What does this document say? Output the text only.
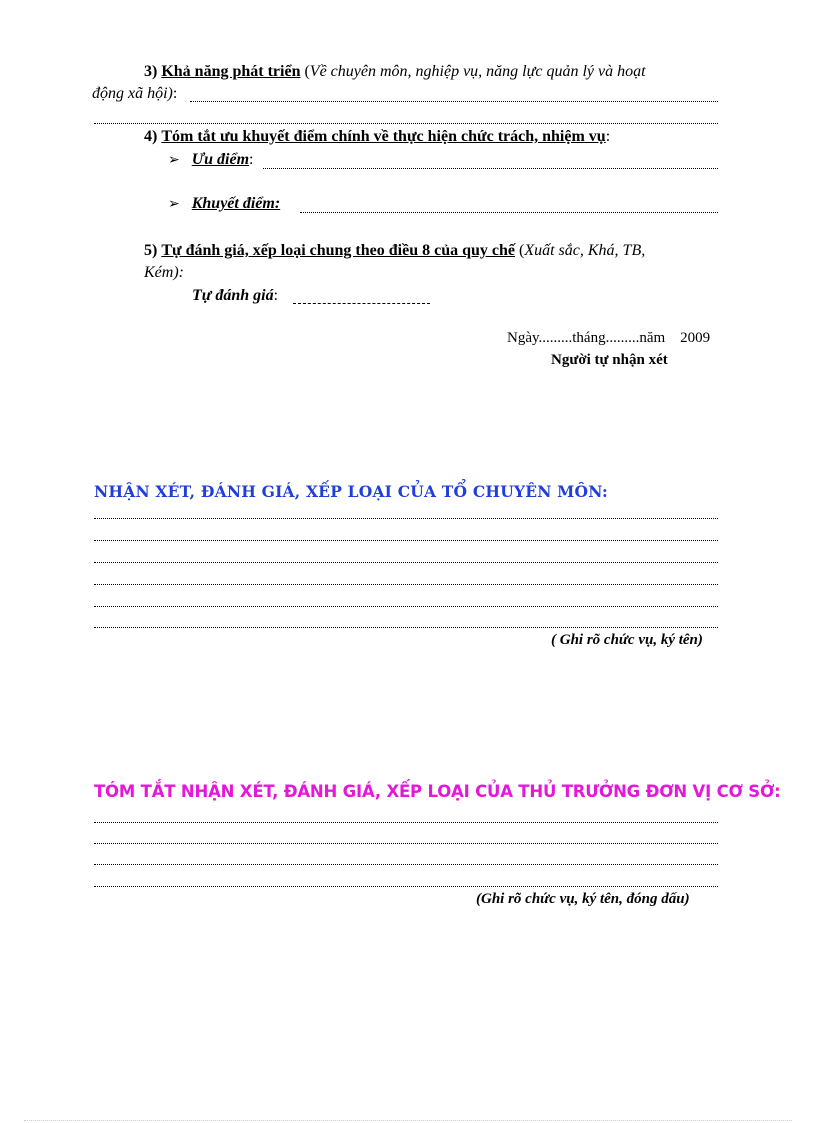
3) Khả năng phát triển (Về chuyên môn, nghiệp vụ, năng lực quản lý và hoạt
động xã hội):
4) Tóm tắt ưu khuyết điểm chính về thực hiện chức trách, nhiệm vụ:
➢ Ưu điểm:
➢ Khuyết điểm:
5) Tự đánh giá, xếp loại chung theo điều 8 của quy chế (Xuất sắc, Khá, TB,
Kém):
Tự đánh giá:
Ngày.........tháng.........năm    2009
Người tự nhận xét
NHẬN XÉT, ĐÁNH GIÁ, XẾP LOẠI CỦA TỔ CHUYÊN MÔN:
( Ghi rõ chức vụ, ký tên)
TÓM TẮT NHẬN XÉT, ĐÁNH GIÁ, XẾP LOẠI CỦA THỦ TRƯỞNG ĐƠN VỊ CƠ SỞ:
(Ghi rõ chức vụ, ký tên, đóng dấu)
